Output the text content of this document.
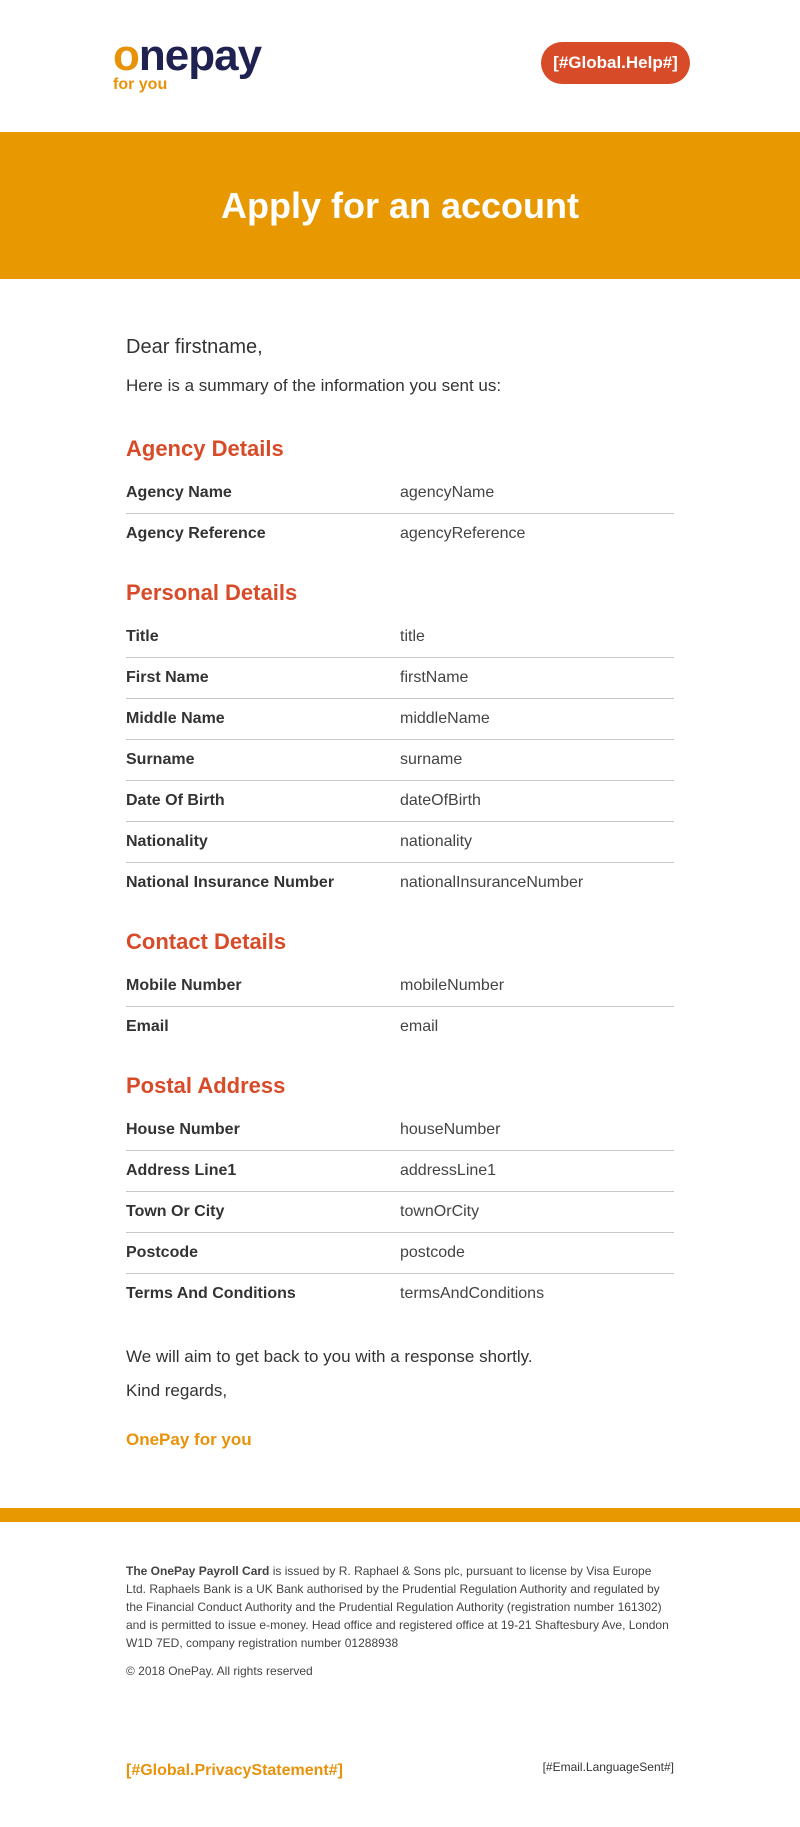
onepay
for you
[#Global.Help#]
Apply for an account

Dear firstname,

Here is a summary of the information you sent us:

Agency Details
Agency Name	agencyName
Agency Reference	agencyReference
Personal Details
Title	title
First Name	firstName
Middle Name	middleName
Surname	surname
Date Of Birth	dateOfBirth
Nationality	nationality
National Insurance Number	nationalInsuranceNumber
Contact Details
Mobile Number	mobileNumber
Email	email
Postal Address
House Number	houseNumber
Address Line1	addressLine1
Town Or City	townOrCity
Postcode	postcode
Terms And Conditions	termsAndConditions

We will aim to get back to you with a response shortly.

Kind regards,

OnePay for you

The OnePay Payroll Card is issued by R. Raphael & Sons plc, pursuant to license by Visa Europe Ltd. Raphaels Bank is a UK Bank authorised by the Prudential Regulation Authority and regulated by the Financial Conduct Authority and the Prudential Regulation Authority (registration number 161302) and is permitted to issue e-money. Head office and registered office at 19-21 Shaftesbury Ave, London W1D 7ED, company registration number 01288938
© 2018 OnePay. All rights reserved
[#Global.PrivacyStatement#]	[#Email.LanguageSent#]
